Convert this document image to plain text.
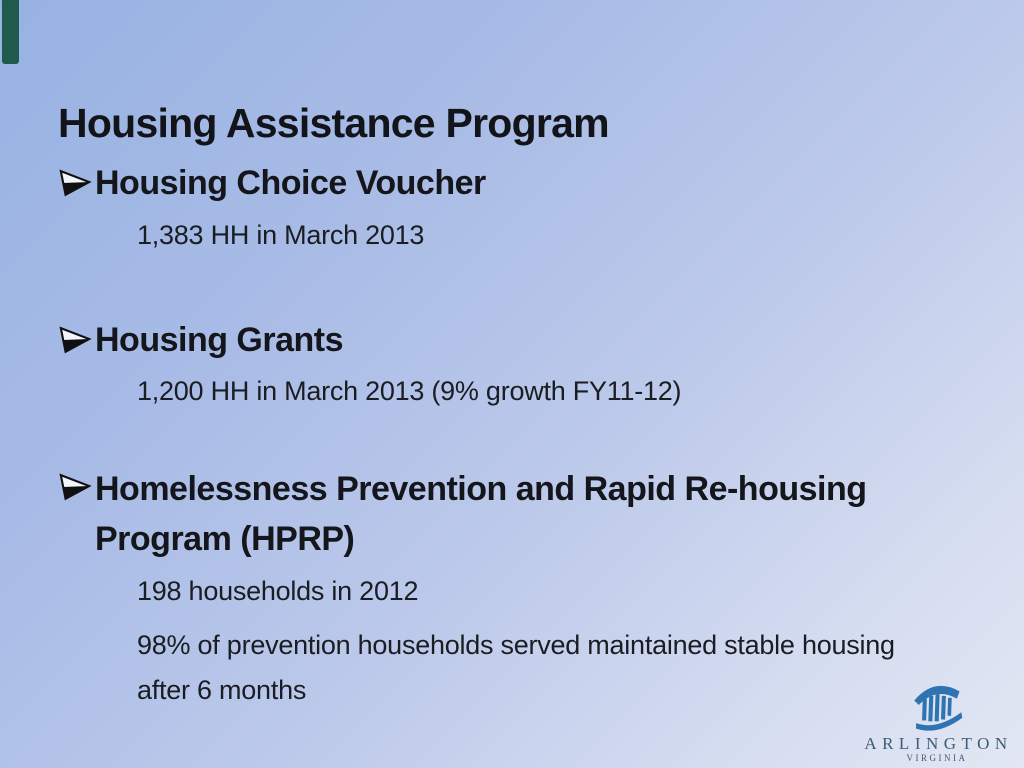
Housing Assistance Program
Housing Choice Voucher
1,383 HH in March 2013
Housing Grants
1,200 HH in March 2013 (9% growth FY11-12)
Homelessness Prevention and Rapid Re-housing Program (HPRP)
198 households in 2012
98% of prevention households served maintained stable housing after 6 months
ARLINGTON
VIRGINIA
